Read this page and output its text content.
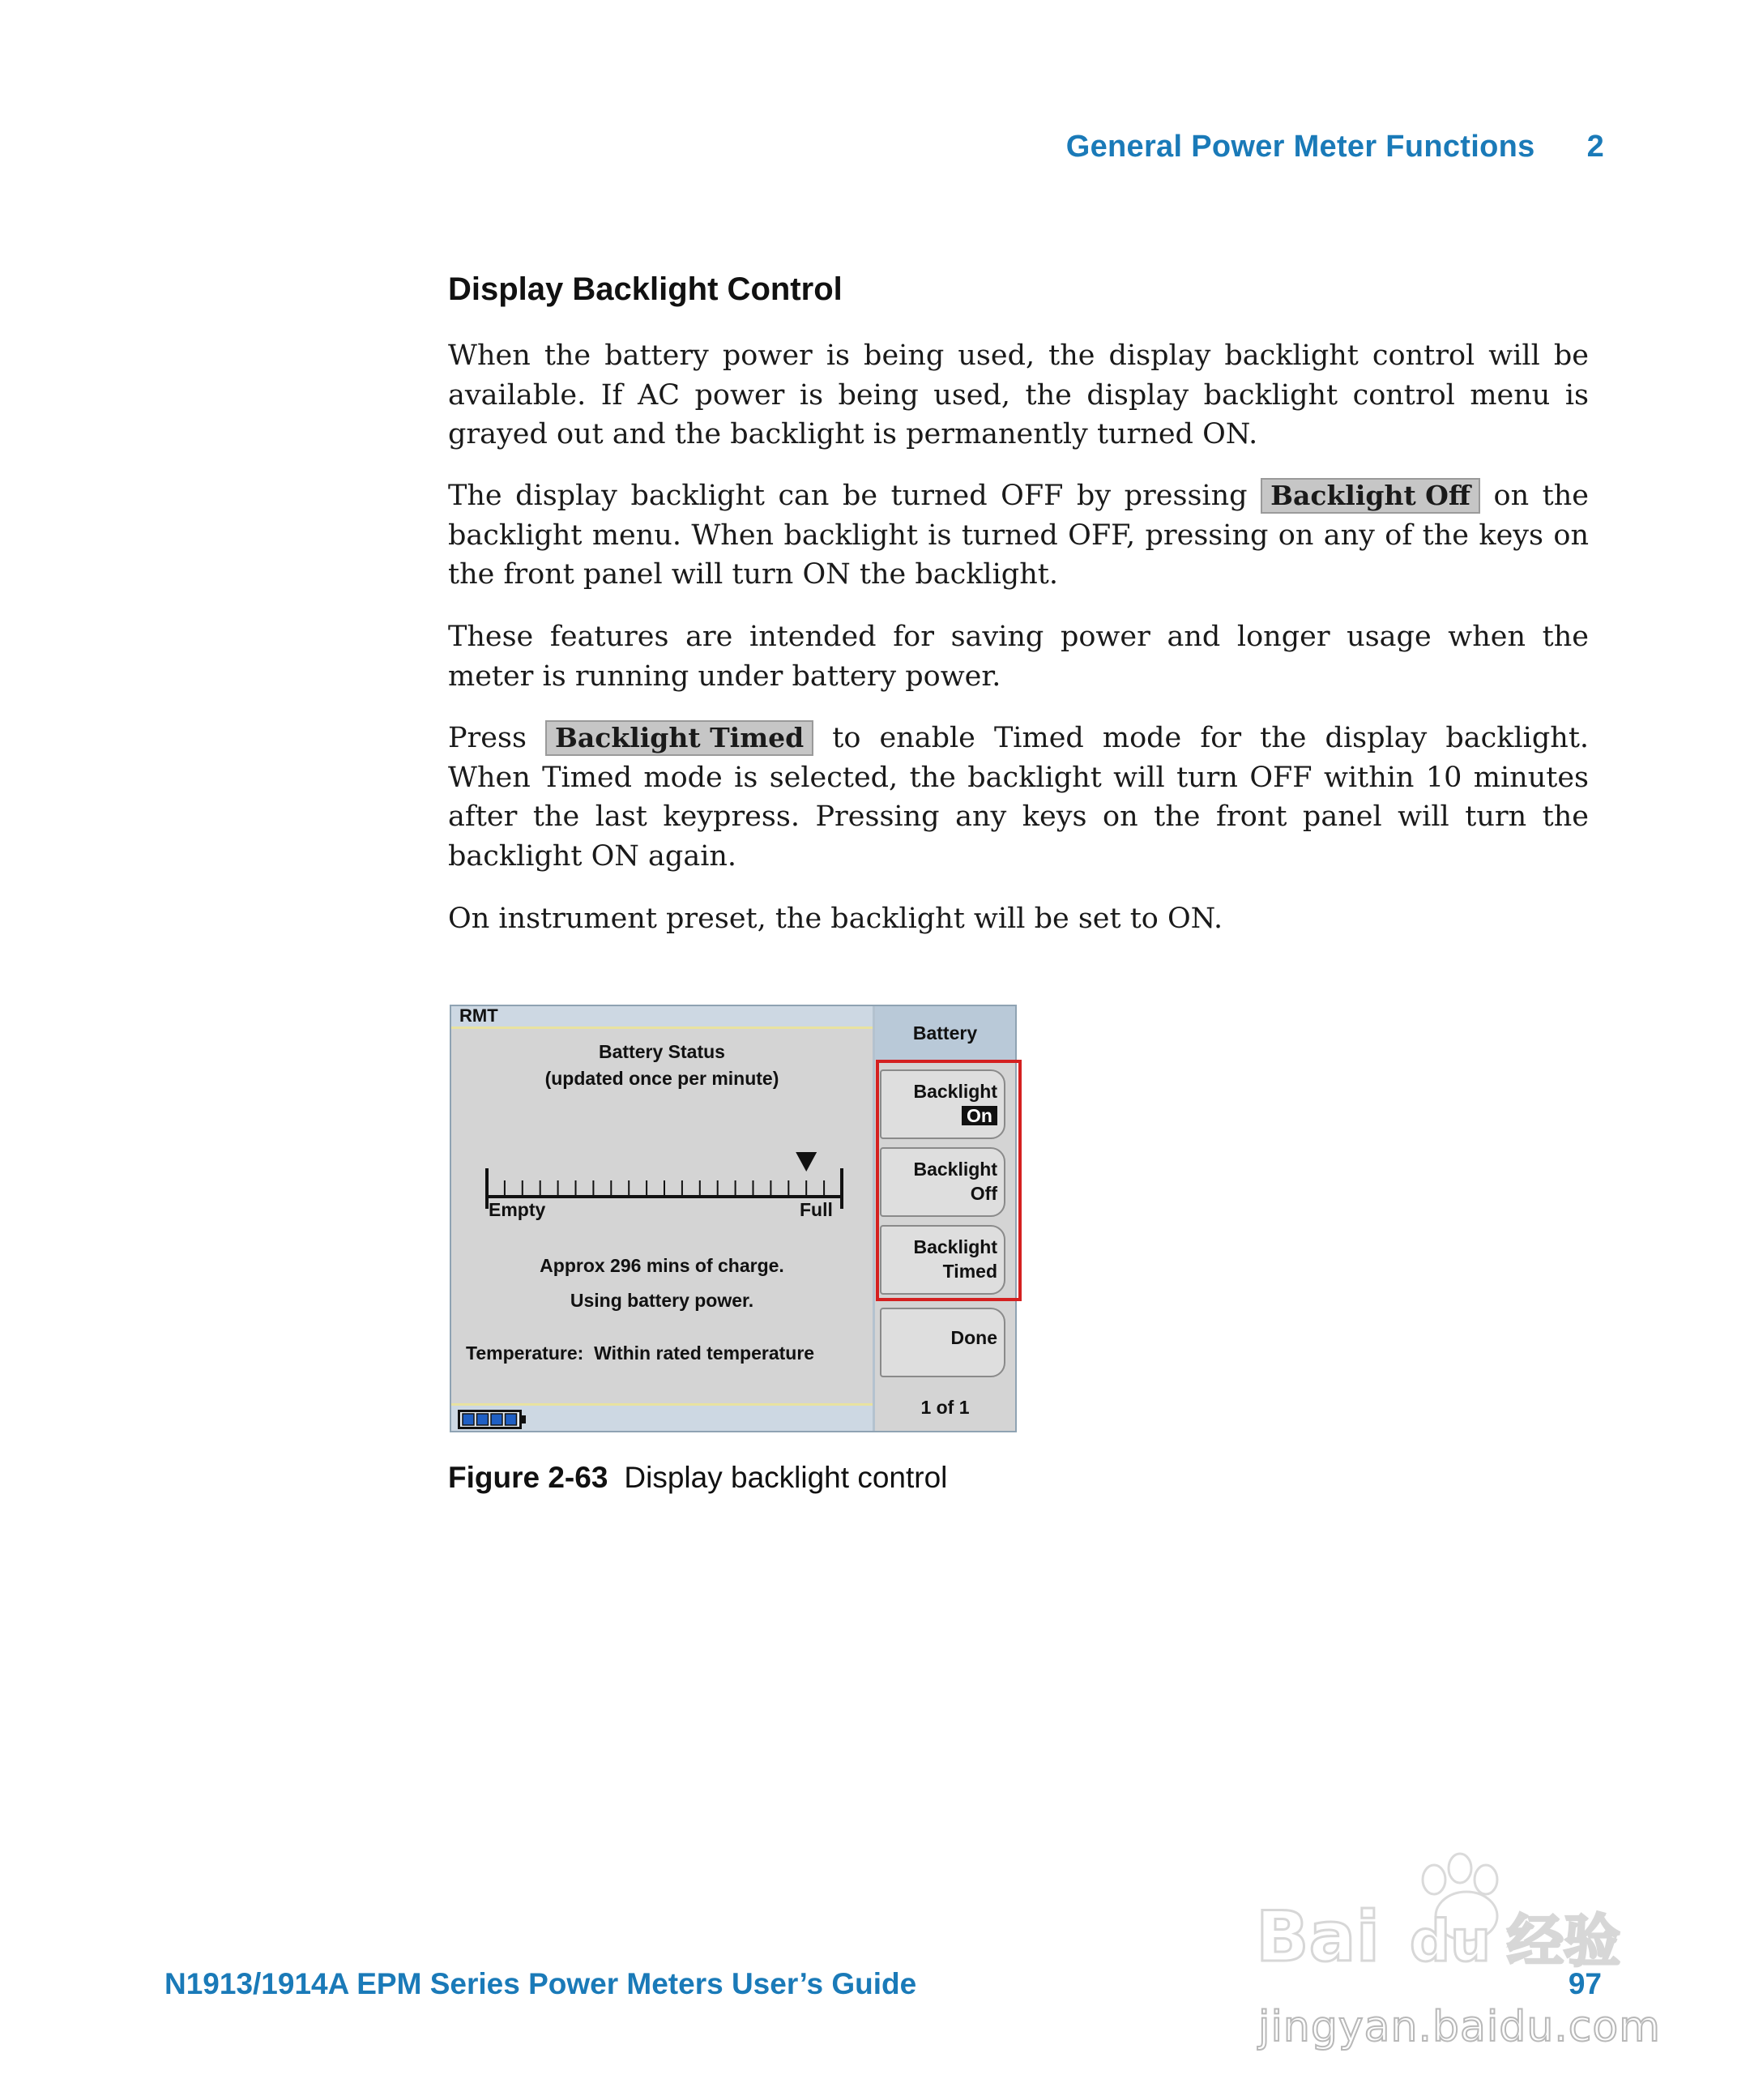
General Power Meter Functions 2
Display Backlight Control
When the battery power is being used, the display backlight control will be available. If AC power is being used, the display backlight control menu is grayed out and the backlight is permanently turned ON.
The display backlight can be turned OFF by pressing Backlight Off on the backlight menu. When backlight is turned OFF, pressing on any of the keys on the front panel will turn ON the backlight.
These features are intended for saving power and longer usage when the meter is running under battery power.
Press Backlight Timed to enable Timed mode for the display backlight. When Timed mode is selected, the backlight will turn OFF within 10 minutes after the last keypress. Pressing any keys on the front panel will turn the backlight ON again.
On instrument preset, the backlight will be set to ON.
RMT
Battery Status
(updated once per minute)
Empty	Full
Approx 296 mins of charge.
Using battery power.
Temperature: Within rated temperature
Battery
Backlight
On
Backlight
Off
Backlight
Timed
Done
1 of 1
Figure 2-63 Display backlight control
N1913/1914A EPM Series Power Meters User’s Guide	97
Bai du 经验
jingyan.baidu.com
